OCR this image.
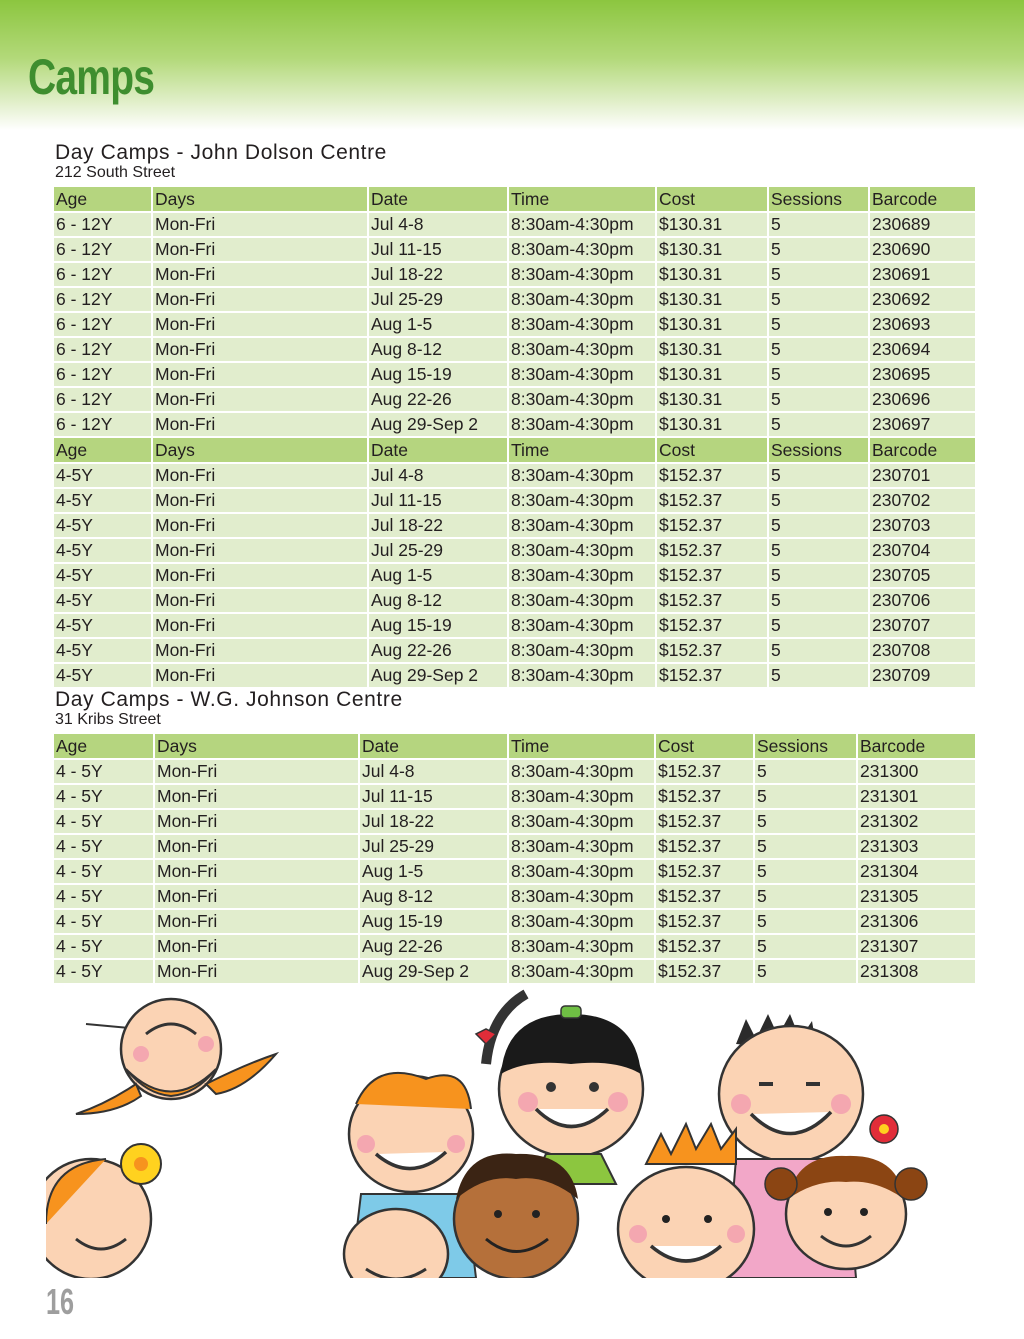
Camps
Day Camps - John Dolson Centre

212 South Street

Age	Days	Date	Time	Cost	Sessions	Barcode
6 - 12Y	Mon-Fri	Jul 4-8	8:30am-4:30pm	$130.31	5	230689
6 - 12Y	Mon-Fri	Jul 11-15	8:30am-4:30pm	$130.31	5	230690
6 - 12Y	Mon-Fri	Jul 18-22	8:30am-4:30pm	$130.31	5	230691
6 - 12Y	Mon-Fri	Jul 25-29	8:30am-4:30pm	$130.31	5	230692
6 - 12Y	Mon-Fri	Aug 1-5	8:30am-4:30pm	$130.31	5	230693
6 - 12Y	Mon-Fri	Aug 8-12	8:30am-4:30pm	$130.31	5	230694
6 - 12Y	Mon-Fri	Aug 15-19	8:30am-4:30pm	$130.31	5	230695
6 - 12Y	Mon-Fri	Aug 22-26	8:30am-4:30pm	$130.31	5	230696
6 - 12Y	Mon-Fri	Aug 29-Sep 2	8:30am-4:30pm	$130.31	5	230697
Age	Days	Date	Time	Cost	Sessions	Barcode
4-5Y	Mon-Fri	Jul 4-8	8:30am-4:30pm	$152.37	5	230701
4-5Y	Mon-Fri	Jul 11-15	8:30am-4:30pm	$152.37	5	230702
4-5Y	Mon-Fri	Jul 18-22	8:30am-4:30pm	$152.37	5	230703
4-5Y	Mon-Fri	Jul 25-29	8:30am-4:30pm	$152.37	5	230704
4-5Y	Mon-Fri	Aug 1-5	8:30am-4:30pm	$152.37	5	230705
4-5Y	Mon-Fri	Aug 8-12	8:30am-4:30pm	$152.37	5	230706
4-5Y	Mon-Fri	Aug 15-19	8:30am-4:30pm	$152.37	5	230707
4-5Y	Mon-Fri	Aug 22-26	8:30am-4:30pm	$152.37	5	230708
4-5Y	Mon-Fri	Aug 29-Sep 2	8:30am-4:30pm	$152.37	5	230709
Day Camps - W.G. Johnson Centre

31 Kribs Street

Age	Days	Date	Time	Cost	Sessions	Barcode
4 - 5Y	Mon-Fri	Jul 4-8	8:30am-4:30pm	$152.37	5	231300
4 - 5Y	Mon-Fri	Jul 11-15	8:30am-4:30pm	$152.37	5	231301
4 - 5Y	Mon-Fri	Jul 18-22	8:30am-4:30pm	$152.37	5	231302
4 - 5Y	Mon-Fri	Jul 25-29	8:30am-4:30pm	$152.37	5	231303
4 - 5Y	Mon-Fri	Aug 1-5	8:30am-4:30pm	$152.37	5	231304
4 - 5Y	Mon-Fri	Aug 8-12	8:30am-4:30pm	$152.37	5	231305
4 - 5Y	Mon-Fri	Aug 15-19	8:30am-4:30pm	$152.37	5	231306
4 - 5Y	Mon-Fri	Aug 22-26	8:30am-4:30pm	$152.37	5	231307
4 - 5Y	Mon-Fri	Aug 29-Sep 2	8:30am-4:30pm	$152.37	5	231308

16
